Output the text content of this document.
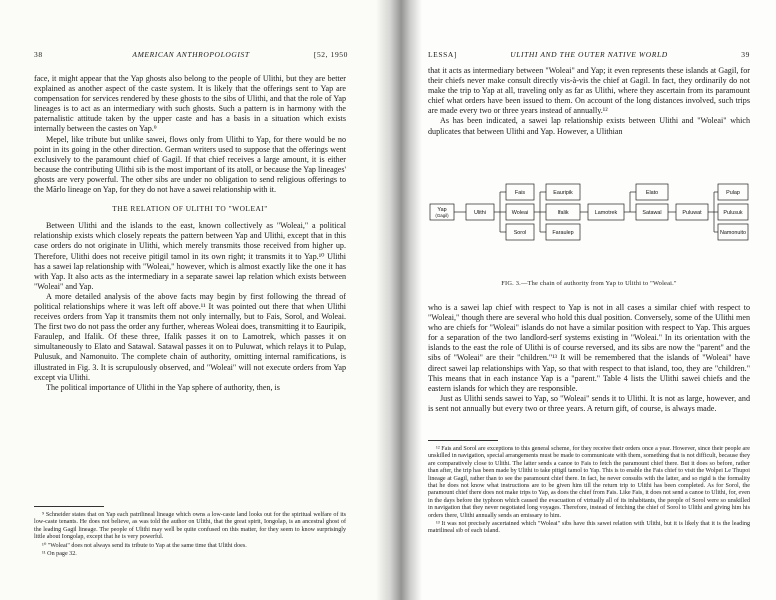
38	AMERICAN ANTHROPOLOGIST	[52, 1950

face, it might appear that the Yap ghosts also belong to the people of Ulithi, but they are better explained as another aspect of the caste system. It is likely that the offerings sent to Yap are compensation for services rendered by these ghosts to the sibs of Ulithi, and that the role of Yap lineages is to act as an intermediary with such ghosts. Such a pattern is in harmony with the paternalistic attitude taken by the upper caste and has a basis in a situation which exists internally between the castes on Yap.⁹

Mepel, like tribute but unlike sawei, flows only from Ulithi to Yap, for there would be no point in its going in the other direction. German writers used to suppose that the offerings went exclusively to the paramount chief of Gagil. If that chief receives a large amount, it is either because the contributing Ulithi sib is the most important of its atoll, or because the Yap lineages' ghosts are very powerful. The other sibs are under no obligation to send religious offerings to the Mãrlo lineage on Yap, for they do not have a sawei relationship with it.

THE RELATION OF ULITHI TO "WOLEAI"

Between Ulithi and the islands to the east, known collectively as "Woleai," a political relationship exists which closely repeats the pattern between Yap and Ulithi, except that in this case orders do not originate in Ulithi, which merely transmits those received from higher up. Therefore, Ulithi does not receive pitigil tamol in its own right; it transmits it to Yap.¹⁰ Ulithi has a sawei lap relationship with "Woleai," however, which is almost exactly like the one it has with Yap. It also acts as the intermediary in a separate sawei lap relation which exists between "Woleai" and Yap.

A more detailed analysis of the above facts may begin by first following the thread of political relationships where it was left off above.¹¹ It was pointed out there that when Ulithi receives orders from Yap it transmits them not only internally, but to Fais, Sorol, and Woleai. The first two do not pass the order any further, whereas Woleai does, transmitting it to Eauripik, Faraulep, and Ifalik. Of these three, Ifalik passes it on to Lamotrek, which passes it on simultaneously to Elato and Satawal. Satawal passes it on to Puluwat, which relays it to Pulap, Pulusuk, and Namonuito. The complete chain of authority, omitting internal ramifications, is illustrated in Fig. 3. It is scrupulously observed, and "Woleai" will not execute orders from Yap except via Ulithi.

The political importance of Ulithi in the Yap sphere of authority, then, is

⁹ Schneider states that on Yap each patrilineal lineage which owns a low-caste land looks out for the spiritual welfare of its low-caste tenants. He does not believe, as was told the author on Ulithi, that the great spirit, Iongolap, is an ancestral ghost of the leading Gagil lineage. The people of Ulithi may well be quite confused on this matter, for they seem to know surprisingly little about Iongolap, except that he is very powerful.

¹⁰ "Woleai" does not always send its tribute to Yap at the same time that Ulithi does.

¹¹ On page 32.

LESSA]	ULITHI AND THE OUTER NATIVE WORLD	39

that it acts as intermediary between "Woleai" and Yap; it even represents these islands at Gagil, for their chiefs never make consult directly vis-à-vis the chief at Gagil. In fact, they ordinarily do not make the trip to Yap at all, traveling only as far as Ulithi, where they ascertain from its paramount chief what orders have been issued to them. On account of the long distances involved, such trips are made every two or three years instead of annually.¹²

As has been indicated, a sawei lap relationship exists between Ulithi and "Woleai" which duplicates that between Ulithi and Yap. However, a Ulithian

Yap
(Gagil)	Ulithi
Fais
Woleai
Sorol
Eauripik
Ifalik
Faraulep
Lamotrek
Elato
Satawal	Puluwat
Pulap
Pulusuk
Namonuito
FIG. 3.—The chain of authority from Yap to Ulithi to "Woleai."

who is a sawei lap chief with respect to Yap is not in all cases a similar chief with respect to "Woleai," though there are several who hold this dual position. Conversely, some of the Ulithi men who are chiefs for "Woleai" islands do not have a similar position with respect to Yap. This argues for a separation of the two landlord-serf systems existing in "Woleai." In its orientation with the islands to the east the role of Ulithi is of course reversed, and its sibs are now the "parent" and the sibs of "Woleai" are their "children."¹³ It will be remembered that the islands of "Woleai" have direct sawei lap relationships with Yap, so that with respect to that island, too, they are "children." This means that in each instance Yap is a "parent." Table 4 lists the Ulithi sawei chiefs and the eastern islands for which they are responsible.

Just as Ulithi sends sawei to Yap, so "Woleai" sends it to Ulithi. It is not as large, however, and is sent not annually but every two or three years. A return gift, of course, is always made.

¹² Fais and Sorol are exceptions to this general scheme, for they receive their orders once a year. However, since their people are unskilled in navigation, special arrangements must be made to communicate with them, something that is not difficult, because they are comparatively close to Ulithi. The latter sends a canoe to Fais to fetch the paramount chief there. But it does so before, rather than after, the trip has been made by Ulithi to take pitigil tamol to Yap. This is to enable the Fais chief to visit the Wolpei Le Thupoi lineage at Gagil, rather than to see the paramount chief there. In fact, he never consults with the latter, and so rigid is the formality that he does not know what instructions are to be given him till the return trip to Ulithi has been completed. As for Sorol, the paramount chief there does not make trips to Yap, as does the chief from Fais. Like Fais, it does not send a canoe to Ulithi, for, even in the days before the typhoon which caused the evacuation of virtually all of its inhabitants, the people of Sorol were so unskilled in navigation that they never negotiated long voyages. Therefore, instead of fetching the chief of Sorol to Ulithi and giving him his orders there, Ulithi annually sends an emissary to him.

¹³ It was not precisely ascertained which "Woleai" sibs have this sawei relation with Ulithi, but it is likely that it is the leading matrilineal sib of each island.
